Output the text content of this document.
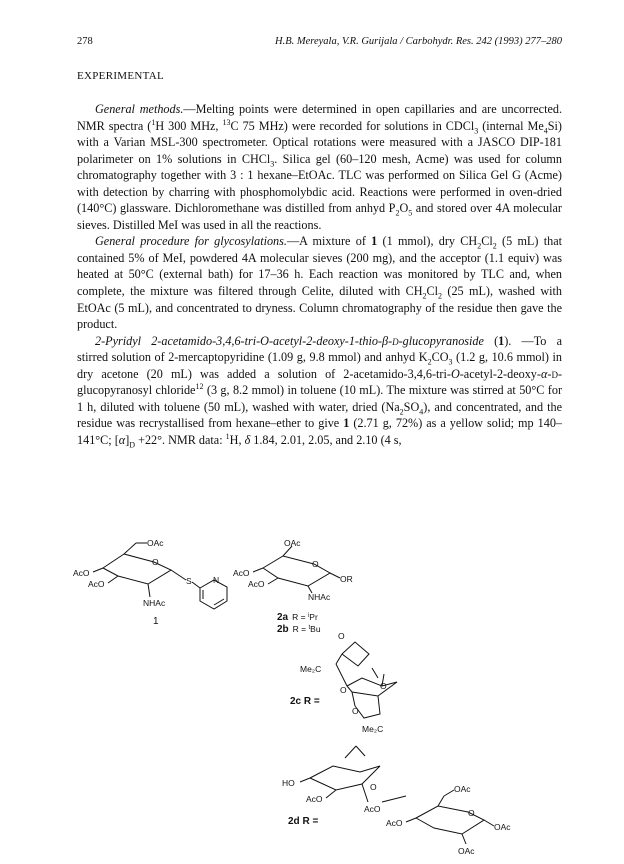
278	H.B. Mereyala, V.R. Gurijala / Carbohydr. Res. 242 (1993) 277–280
EXPERIMENTAL

General methods.—Melting points were determined in open capillaries and are uncorrected. NMR spectra ($^1$H 300 MHz, $^{13}$C 75 MHz) were recorded for solutions in CDCl$_3$ (internal $Me_4Si$) with a Varian MSL-300 spectrometer. Optical rotations were measured with a JASCO DIP-181 polarimeter on 1% solutions in CHCl$_3$. Silica gel (60–120 mesh, Acme) was used for column chromatography together with 3 : 1 hexane–EtOAc. TLC was performed on Silica Gel G (Acme) with detection by charring with phosphomolybdic acid. Reactions were performed in oven-dried (140°C) glassware. Dichloromethane was distilled from anhyd $P_2O_5$ and stored over 4A molecular sieves. Distilled MeI was used in all the reactions.

General procedure for glycosylations.—A mixture of 1 (1 mmol), dry $CH_2Cl_2$ (5 mL) that contained 5% of MeI, powdered 4A molecular sieves (200 mg), and the acceptor (1.1 equiv) was heated at 50°C (external bath) for 17–36 h. Each reaction was monitored by TLC and, when complete, the mixture was filtered through Celite, diluted with $CH_2Cl_2$ (25 mL), washed with EtOAc (5 mL), and concentrated to dryness. Column chromatography of the residue then gave the product.

2-Pyridyl 2-acetamido-3,4,6-tri-O-acetyl-2-deoxy-1-thio-β-d-glucopyranoside (1). —To a stirred solution of 2-mercaptopyridine (1.09 g, 9.8 mmol) and anhyd $K_2CO_3$ (1.2 g, 10.6 mmol) in dry acetone (20 mL) was added a solution of 2-acetamido-3,4,6-tri-O-acetyl-2-deoxy-α-d-glucopyranosyl chloride$^{12}$ (3 g, 8.2 mmol) in toluene (10 mL). The mixture was stirred at 50°C for 1 h, diluted with toluene (50 mL), washed with water, dried $(Na_2SO_4)$, and concentrated, and the residue was recrystallised from hexane–ether to give 1 (2.71 g, 72%) as a yellow solid; mp 140–141°C; $[\alpha]_D +22^\circ$. NMR data: $^1$H, δ 1.84, 2.01, 2.05, and 2.10 (4 s,

OAc
AcO
AcO
O
S	N
NHAc
1
OAc
AcO
AcO
O
OR
NHAc
2a R = $^i$Pr
2b R = $^t$Bu
Me₂C
O
O	O
O
Me₂C
2c R =
HO
AcO
AcO
AcO
O
O
OAc
OAc
OAc
2d R =
